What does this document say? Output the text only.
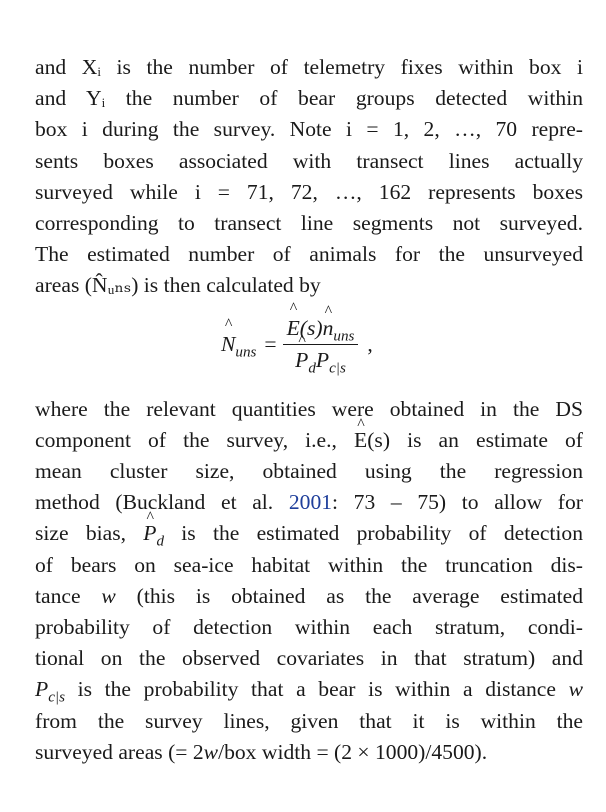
and Xᵢ is the number of telemetry fixes within box i
and Yᵢ the number of bear groups detected within
box i during the survey. Note i = 1, 2, …, 70 repre-
sents boxes associated with transect lines actually
surveyed while i = 71, 72, …, 162 represents boxes
corresponding to transect line segments not surveyed.
The estimated number of animals for the unsurveyed
areas (N̂ᵤₙₛ) is then calculated by

^ $N_{uns}$ =
^ E(s)^ $n_{uns}$
^ $P_dP_{c|s}$ ,

where the relevant quantities were obtained in the DS
component of the survey, i.e., ^ E(s) is an estimate of
mean cluster size, obtained using the regression
method (Buckland et al. 2001: 73 – 75) to allow for
size bias, ^ $P_d$ is the estimated probability of detection
of bears on sea-ice habitat within the truncation dis-
tance w (this is obtained as the average estimated
probability of detection within each stratum, condi-
tional on the observed covariates in that stratum) and
$P_{c|s}$ is the probability that a bear is within a distance w
from the survey lines, given that it is within the
surveyed areas (= 2w/box width = (2 × 1000)/4500).
